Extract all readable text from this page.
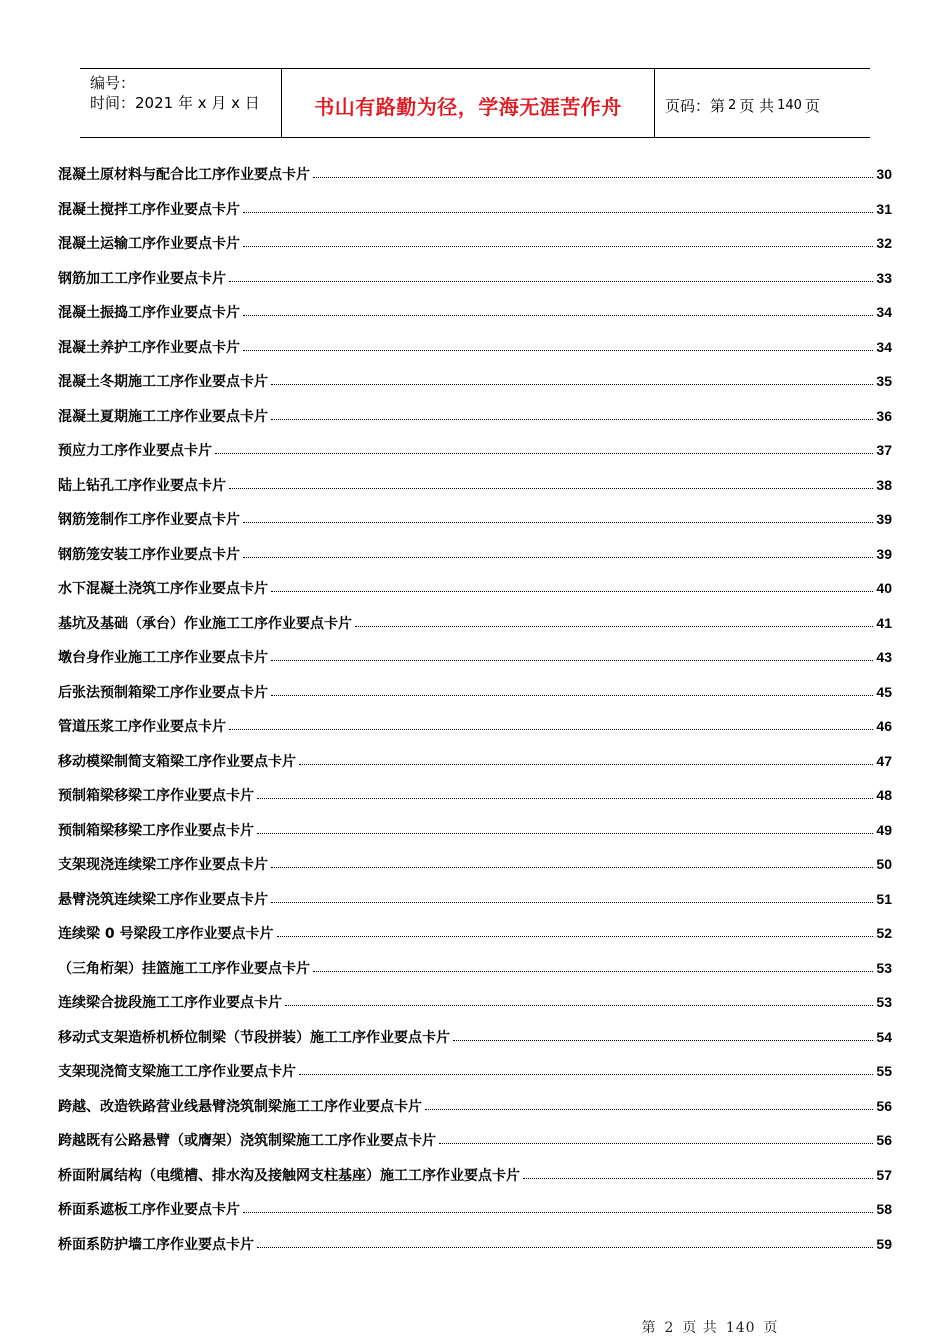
编号：
时间：2021 年 x 月 x 日	书山有路勤为径，学海无涯苦作舟	页码：第 2 页 共 140 页
混凝土原材料与配合比工序作业要点卡片	30
混凝土搅拌工序作业要点卡片	31
混凝土运输工序作业要点卡片	32
钢筋加工工序作业要点卡片	33
混凝土振捣工序作业要点卡片	34
混凝土养护工序作业要点卡片	34
混凝土冬期施工工序作业要点卡片	35
混凝土夏期施工工序作业要点卡片	36
预应力工序作业要点卡片	37
陆上钻孔工序作业要点卡片	38
钢筋笼制作工序作业要点卡片	39
钢筋笼安装工序作业要点卡片	39
水下混凝土浇筑工序作业要点卡片	40
基坑及基础（承台）作业施工工序作业要点卡片	41
墩台身作业施工工序作业要点卡片	43
后张法预制箱梁工序作业要点卡片	45
管道压浆工序作业要点卡片	46
移动模梁制简支箱梁工序作业要点卡片	47
预制箱梁移梁工序作业要点卡片	48
预制箱梁移梁工序作业要点卡片	49
支架现浇连续梁工序作业要点卡片	50
悬臂浇筑连续梁工序作业要点卡片	51
连续梁 0 号梁段工序作业要点卡片	52
（三角桁架）挂篮施工工序作业要点卡片	53
连续梁合拢段施工工序作业要点卡片	53
移动式支架造桥机桥位制梁（节段拼装）施工工序作业要点卡片	54
支架现浇简支梁施工工序作业要点卡片	55
跨越、改造铁路营业线悬臂浇筑制梁施工工序作业要点卡片	56
跨越既有公路悬臂（或膺架）浇筑制梁施工工序作业要点卡片	56
桥面附属结构（电缆槽、排水沟及接触网支柱基座）施工工序作业要点卡片	57
桥面系遮板工序作业要点卡片	58
桥面系防护墙工序作业要点卡片	59
第 2 页 共 140 页
